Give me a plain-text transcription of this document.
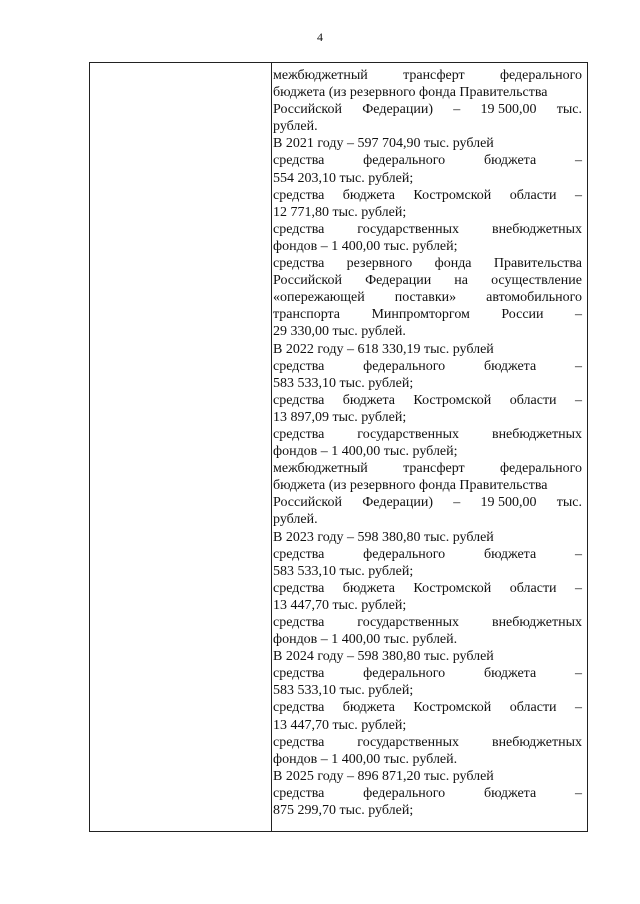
4
межбюджетный	трансферт	федерального
бюджета (из резервного фонда Правительства
Российской Федерации) – 19 500,00 тыс.
рублей.
В 2021 году – 597 704,90 тыс. рублей
средства	федерального	бюджета	–
554 203,10 тыс. рублей;
средства бюджета Костромской области –
12 771,80 тыс. рублей;
средства государственных внебюджетных
фондов – 1 400,00 тыс. рублей;
средства резервного фонда Правительства
Российской Федерации на осуществление
«опережающей поставки» автомобильного
транспорта Минпромторгом России –
29 330,00 тыс. рублей.
В 2022 году – 618 330,19 тыс. рублей
средства	федерального	бюджета	–
583 533,10 тыс. рублей;
средства бюджета Костромской области –
13 897,09 тыс. рублей;
средства государственных внебюджетных
фондов – 1 400,00 тыс. рублей;
межбюджетный	трансферт	федерального
бюджета (из резервного фонда Правительства
Российской Федерации) – 19 500,00 тыс.
рублей.
В 2023 году – 598 380,80 тыс. рублей
средства	федерального	бюджета	–
583 533,10 тыс. рублей;
средства бюджета Костромской области –
13 447,70 тыс. рублей;
средства государственных внебюджетных
фондов – 1 400,00 тыс. рублей.
В 2024 году – 598 380,80 тыс. рублей
средства	федерального	бюджета	–
583 533,10 тыс. рублей;
средства бюджета Костромской области –
13 447,70 тыс. рублей;
средства государственных внебюджетных
фондов – 1 400,00 тыс. рублей.
В 2025 году – 896 871,20 тыс. рублей
средства	федерального	бюджета	–
875 299,70 тыс. рублей;
